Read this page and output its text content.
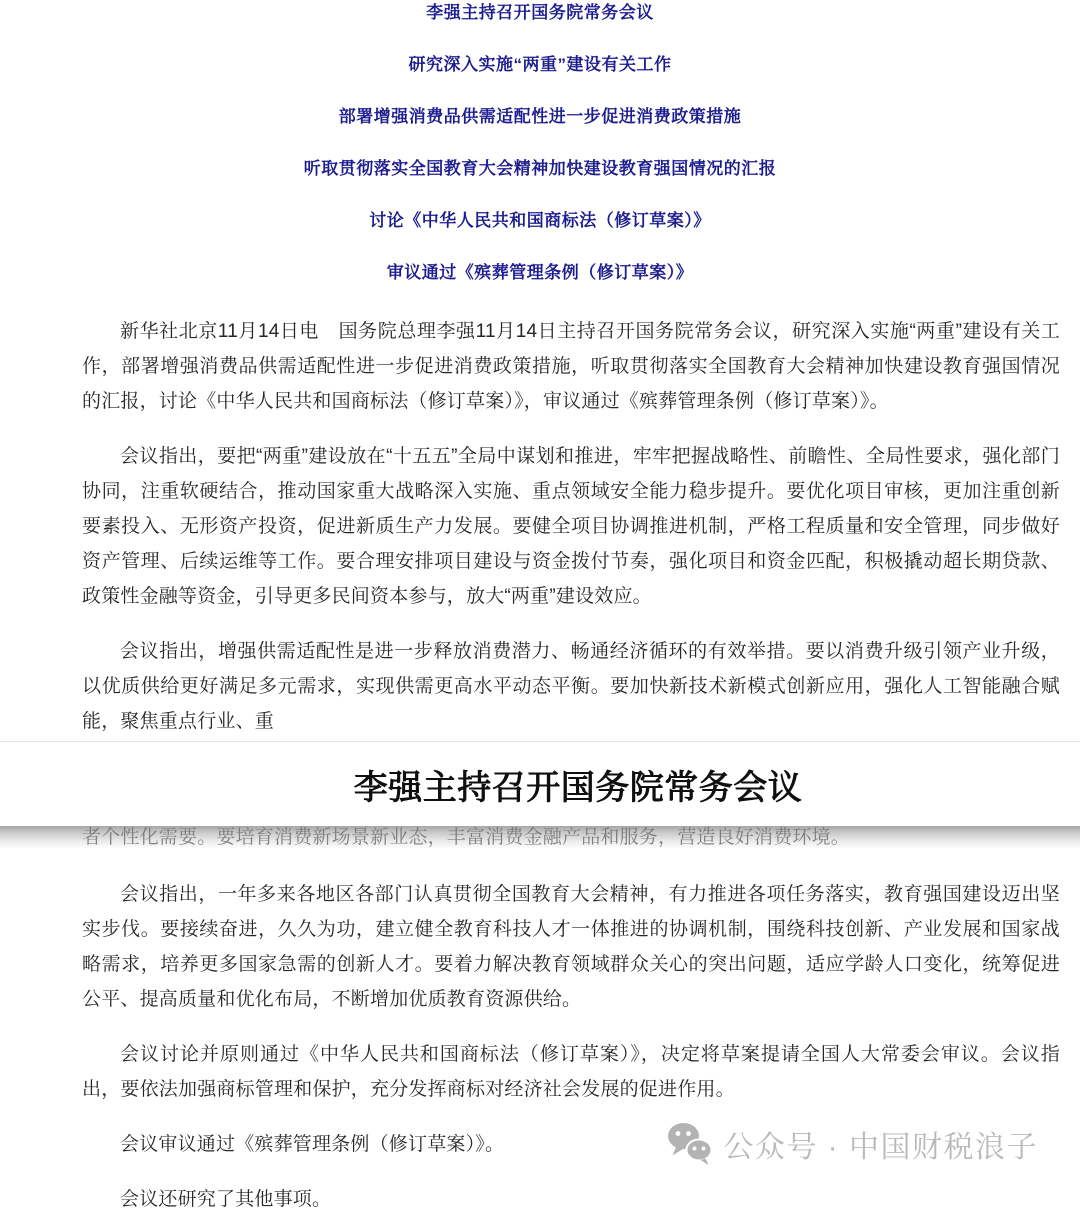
李强主持召开国务院常务会议
研究深入实施“两重”建设有关工作
部署增强消费品供需适配性进一步促进消费政策措施
听取贯彻落实全国教育大会精神加快建设教育强国情况的汇报
讨论《中华人民共和国商标法（修订草案）》
审议通过《殡葬管理条例（修订草案）》

新华社北京11月14日电　国务院总理李强11月14日主持召开国务院常务会议，研究深入实施“两重”建设有关工作，部署增强消费品供需适配性进一步促进消费政策措施，听取贯彻落实全国教育大会精神加快建设教育强国情况的汇报，讨论《中华人民共和国商标法（修订草案）》，审议通过《殡葬管理条例（修订草案）》。

会议指出，要把“两重”建设放在“十五五”全局中谋划和推进，牢牢把握战略性、前瞻性、全局性要求，强化部门协同，注重软硬结合，推动国家重大战略深入实施、重点领域安全能力稳步提升。要优化项目审核，更加注重创新要素投入、无形资产投资，促进新质生产力发展。要健全项目协调推进机制，严格工程质量和安全管理，同步做好资产管理、后续运维等工作。要合理安排项目建设与资金拨付节奏，强化项目和资金匹配，积极撬动超长期贷款、政策性金融等资金，引导更多民间资本参与，放大“两重”建设效应。

会议指出，增强供需适配性是进一步释放消费潜力、畅通经济循环的有效举措。要以消费升级引领产业升级，以优质供给更好满足多元需求，实现供需更高水平动态平衡。要加快新技术新模式创新应用，强化人工智能融合赋能，聚焦重点行业、重

李强主持召开国务院常务会议
者个性化需要。要培育消费新场景新业态，丰富消费金融产品和服务，营造良好消费环境。

会议指出，一年多来各地区各部门认真贯彻全国教育大会精神，有力推进各项任务落实，教育强国建设迈出坚实步伐。要接续奋进，久久为功，建立健全教育科技人才一体推进的协调机制，围绕科技创新、产业发展和国家战略需求，培养更多国家急需的创新人才。要着力解决教育领域群众关心的突出问题，适应学龄人口变化，统筹促进公平、提高质量和优化布局，不断增加优质教育资源供给。

会议讨论并原则通过《中华人民共和国商标法（修订草案）》，决定将草案提请全国人大常委会审议。会议指出，要依法加强商标管理和保护，充分发挥商标对经济社会发展的促进作用。

会议审议通过《殡葬管理条例（修订草案）》。

会议还研究了其他事项。

公众号 · 中国财税浪子
